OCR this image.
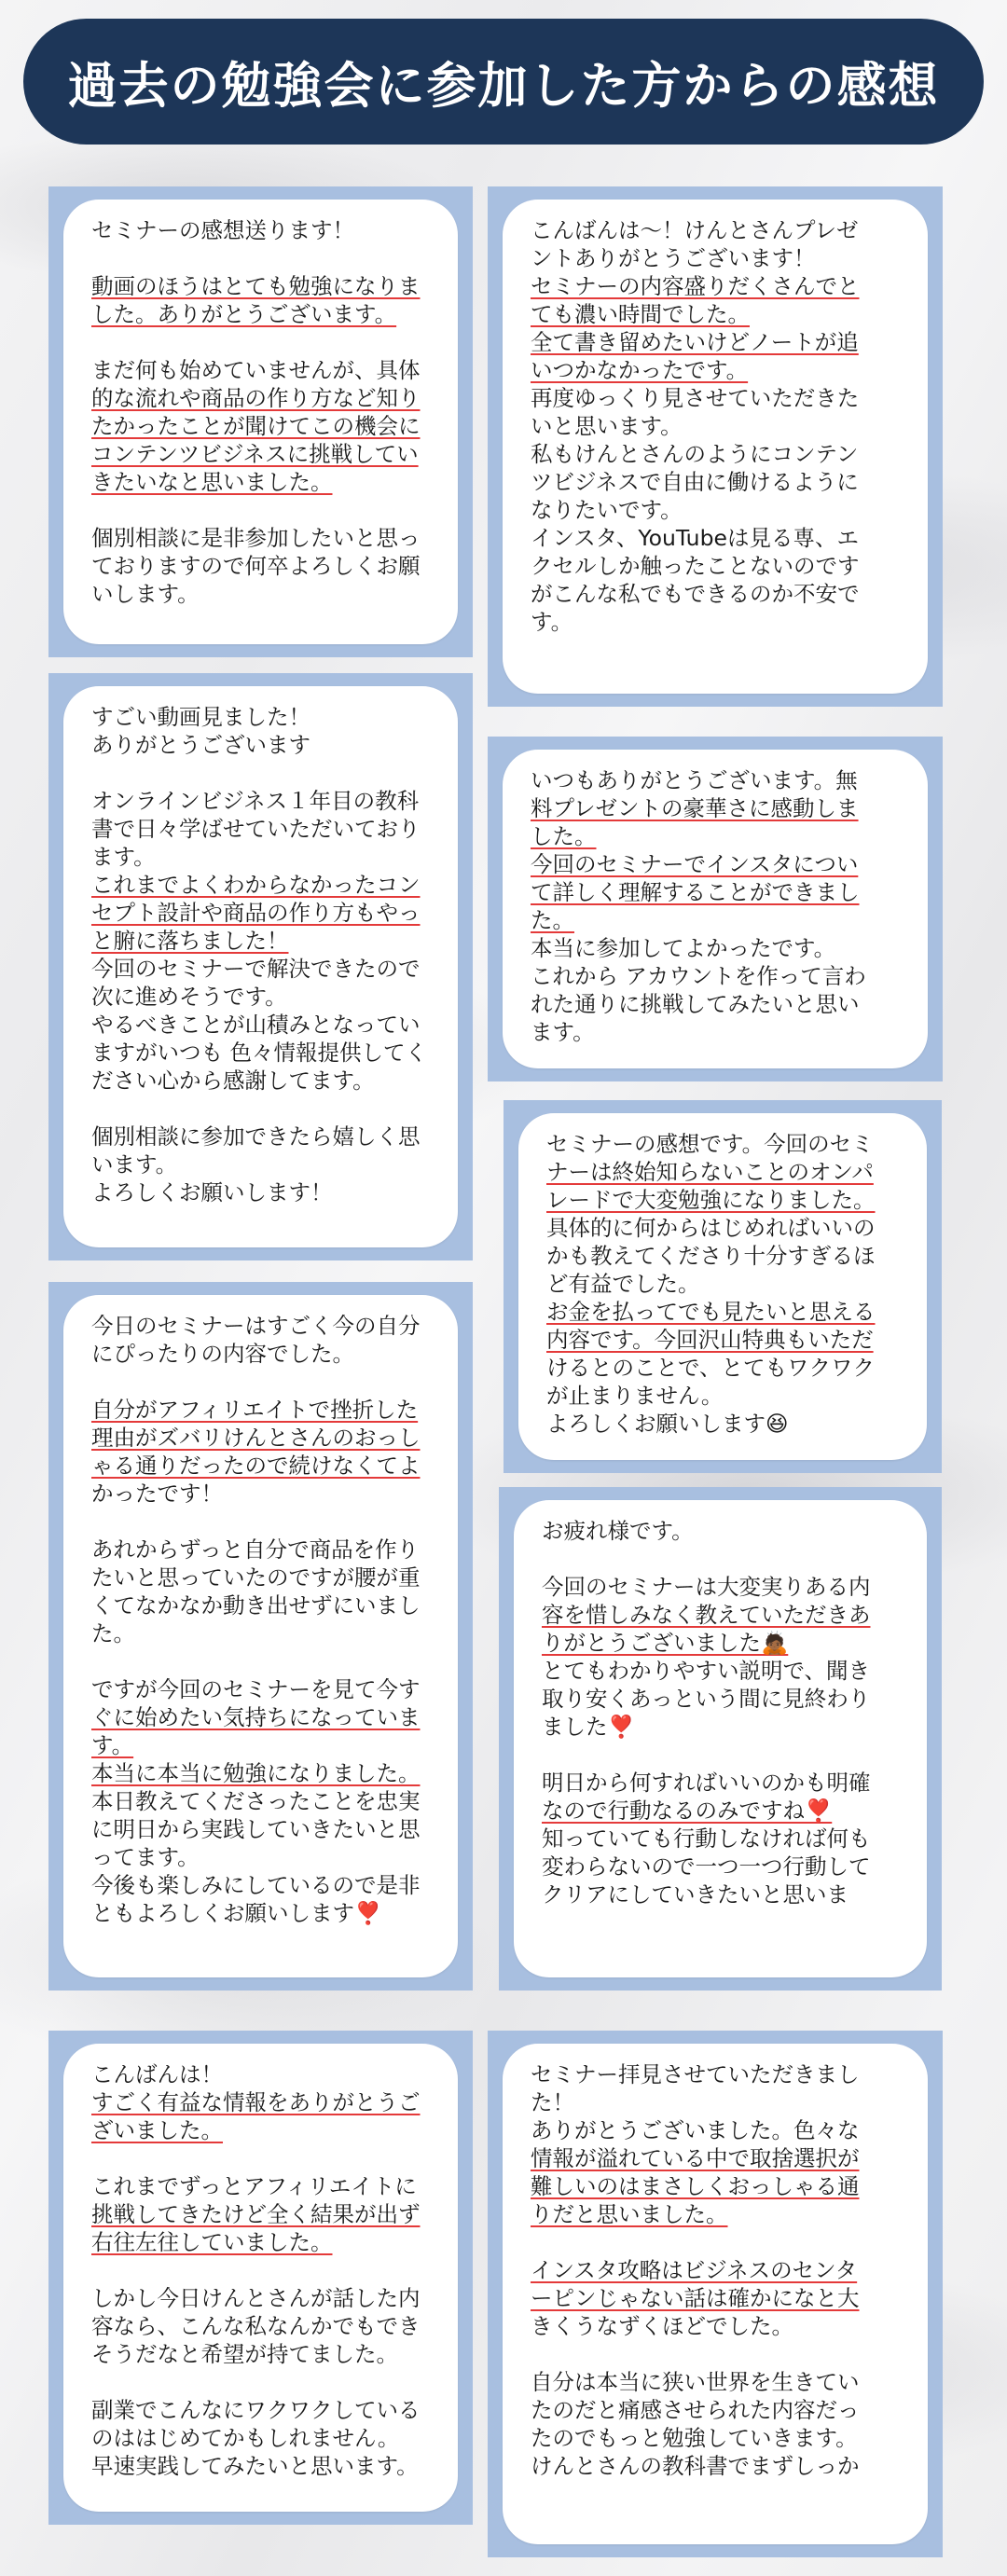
過去の勉強会に参加した方からの感想
セミナーの感想送ります！
動画のほうはとても勉強になりま
した。ありがとうございます。
まだ何も始めていませんが、具体
的な流れや商品の作り方など知り
たかったことが聞けてこの機会に
コンテンツビジネスに挑戦してい
きたいなと思いました。
個別相談に是非参加したいと思っ
ておりますので何卒よろしくお願
いします。
こんばんは〜！けんとさんプレゼ
ントありがとうございます！
セミナーの内容盛りだくさんでと
ても濃い時間でした。
全て書き留めたいけどノートが追
いつかなかったです。
再度ゆっくり見させていただきた
いと思います。
私もけんとさんのようにコンテン
ツビジネスで自由に働けるように
なりたいです。
インスタ、YouTubeは見る専、エ
クセルしか触ったことないのです
がこんな私でもできるのか不安で
す。
すごい動画見ました！
ありがとうございます
オンラインビジネス１年目の教科
書で日々学ばせていただいており
ます。
これまでよくわからなかったコン
セプト設計や商品の作り方もやっ
と腑に落ちました！
今回のセミナーで解決できたので
次に進めそうです。
やるべきことが山積みとなってい
ますがいつも 色々情報提供してく
ださい心から感謝してます。
個別相談に参加できたら嬉しく思
います。
よろしくお願いします！
いつもありがとうございます。無
料プレゼントの豪華さに感動しま
した。
今回のセミナーでインスタについ
て詳しく理解することができまし
た。
本当に参加してよかったです。
これから アカウントを作って言わ
れた通りに挑戦してみたいと思い
ます。
セミナーの感想です。今回のセミ
ナーは終始知らないことのオンパ
レードで大変勉強になりました。
具体的に何からはじめればいいの
かも教えてくださり十分すぎるほ
ど有益でした。
お金を払ってでも見たいと思える
内容です。今回沢山特典もいただ
けるとのことで、とてもワクワク
が止まりません。
よろしくお願いします😆
今日のセミナーはすごく今の自分
にぴったりの内容でした。
自分がアフィリエイトで挫折した
理由がズバリけんとさんのおっし
ゃる通りだったので続けなくてよ
かったです！
あれからずっと自分で商品を作り
たいと思っていたのですが腰が重
くてなかなか動き出せずにいまし
た。
ですが今回のセミナーを見て今す
ぐに始めたい気持ちになっていま
す。
本当に本当に勉強になりました。
本日教えてくださったことを忠実
に明日から実践していきたいと思
ってます。
今後も楽しみにしているので是非
ともよろしくお願いします❣️
お疲れ様です。
今回のセミナーは大変実りある内
容を惜しみなく教えていただきあ
りがとうございました🙇🏾
とてもわかりやすい説明で、聞き
取り安くあっという間に見終わり
ました❣️
明日から何すればいいのかも明確
なので行動なるのみですね❣️
知っていても行動しなければ何も
変わらないので一つ一つ行動して
クリアにしていきたいと思いま
こんばんは！
すごく有益な情報をありがとうご
ざいました。
これまでずっとアフィリエイトに
挑戦してきたけど全く結果が出ず
右往左往していました。
しかし今日けんとさんが話した内
容なら、こんな私なんかでもでき
そうだなと希望が持てました。
副業でこんなにワクワクしている
のははじめてかもしれません。
早速実践してみたいと思います。
セミナー拝見させていただきまし
た！
ありがとうございました。色々な
情報が溢れている中で取捨選択が
難しいのはまさしくおっしゃる通
りだと思いました。
インスタ攻略はビジネスのセンタ
ーピンじゃない話は確かになと大
きくうなずくほどでした。
自分は本当に狭い世界を生きてい
たのだと痛感させられた内容だっ
たのでもっと勉強していきます。
けんとさんの教科書でまずしっか
